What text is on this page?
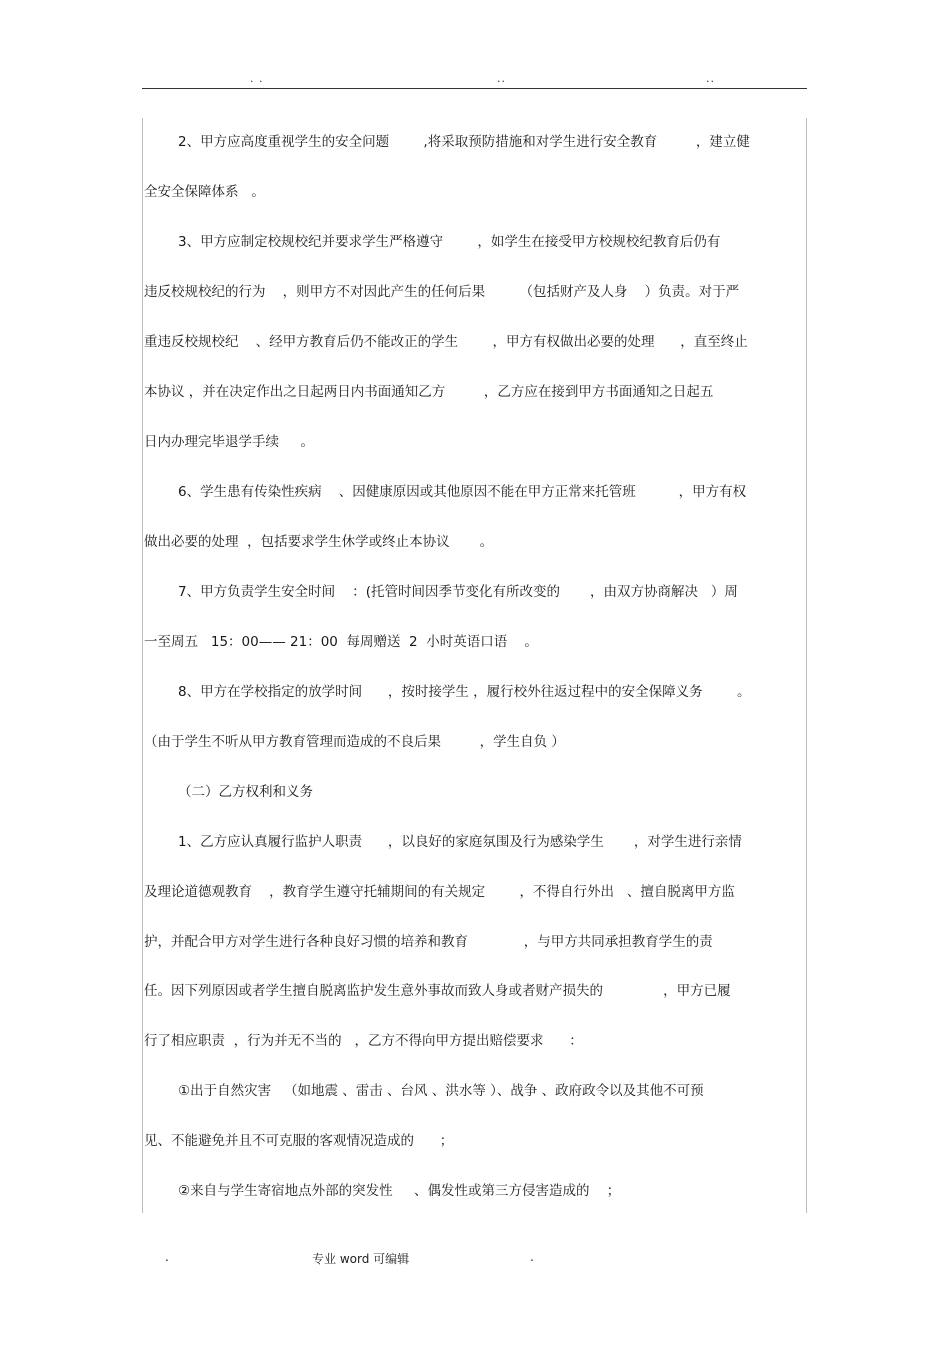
. .	..	..
2、甲方应高度重视学生的安全问题        ,将采取预防措施和对学生进行安全教育         ，建立健
全安全保障体系   。
3、甲方应制定校规校纪并要求学生严格遵守        ，如学生在接受甲方校规校纪教育后仍有
违反校规校纪的行为    ，则甲方不对因此产生的任何后果        （包括财产及人身    ）负责。对于严
重违反校规校纪    、经甲方教育后仍不能改正的学生        ，甲方有权做出必要的处理      ，直至终止
本协议 ，并在决定作出之日起两日内书面通知乙方         ，乙方应在接到甲方书面通知之日起五
日内办理完毕退学手续     。
6、学生患有传染性疾病    、因健康原因或其他原因不能在甲方正常来托管班          ，甲方有权
做出必要的处理  ，包括要求学生休学或终止本协议       。
7、甲方负责学生安全时间    ：(托管时间因季节变化有所改变的       ，由双方协商解决   ）周
一至周五   15：00—— 21：00  每周赠送  2  小时英语口语    。
8、甲方在学校指定的放学时间      ，按时接学生 ，履行校外往返过程中的安全保障义务        。
（由于学生不听从甲方教育管理而造成的不良后果         ，学生自负 ）
（二）乙方权利和义务
1、乙方应认真履行监护人职责      ，以良好的家庭氛围及行为感染学生       ，对学生进行亲情
及理论道德观教育    ，教育学生遵守托辅期间的有关规定        ，不得自行外出   、擅自脱离甲方监
护，并配合甲方对学生进行各种良好习惯的培养和教育             ，与甲方共同承担教育学生的责
任。因下列原因或者学生擅自脱离监护发生意外事故而致人身或者财产损失的              ，甲方已履
行了相应职责  ，行为并无不当的   ，乙方不得向甲方提出赔偿要求      ：
①出于自然灾害   （如地震 、雷击 、台风 、洪水等 ）、战争 、政府政令以及其他不可预
见、不能避免并且不可克服的客观情况造成的      ；
②来自与学生寄宿地点外部的突发性     、偶发性或第三方侵害造成的    ；
.	专业 word 可编辑	.
